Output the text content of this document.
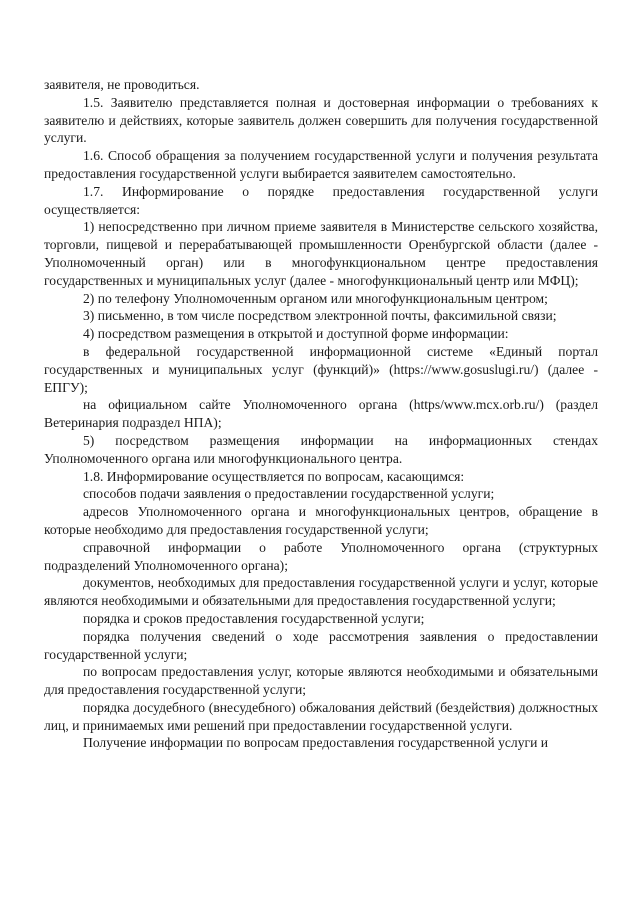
заявителя, не проводиться.

1.5. Заявителю представляется полная и достоверная информации о требованиях к заявителю и действиях, которые заявитель должен совершить для получения государственной услуги.

1.6. Способ обращения за получением государственной услуги и получения результата предоставления государственной услуги выбирается заявителем самостоятельно.

1.7. Информирование о порядке предоставления государственной услуги осуществляется:

1) непосредственно при личном приеме заявителя в Министерстве сельского хозяйства, торговли, пищевой и перерабатывающей промышленности Оренбургской области (далее - Уполномоченный орган) или в многофункциональном центре предоставления государственных и муниципальных услуг (далее - многофункциональный центр или МФЦ);

2) по телефону Уполномоченным органом или многофункциональным центром;

3) письменно, в том числе посредством электронной почты, факсимильной связи;

4) посредством размещения в открытой и доступной форме информации:

в федеральной государственной информационной системе «Единый портал государственных и муниципальных услуг (функций)» (https://www.gosuslugi.ru/) (далее - ЕПГУ);

на официальном сайте Уполномоченного органа (https/www.mcx.orb.ru/) (раздел Ветеринария подраздел НПА);

5) посредством размещения информации на информационных стендах Уполномоченного органа или многофункционального центра.

1.8. Информирование осуществляется по вопросам, касающимся:

способов подачи заявления о предоставлении государственной услуги;

адресов Уполномоченного органа и многофункциональных центров, обращение в которые необходимо для предоставления государственной услуги;

справочной информации о работе Уполномоченного органа (структурных подразделений Уполномоченного органа);

документов, необходимых для предоставления государственной услуги и услуг, которые являются необходимыми и обязательными для предоставления государственной услуги;

порядка и сроков предоставления государственной услуги;

порядка получения сведений о ходе рассмотрения заявления о предоставлении государственной услуги;

по вопросам предоставления услуг, которые являются необходимыми и обязательными для предоставления государственной услуги;

порядка досудебного (внесудебного) обжалования действий (бездействия) должностных лиц, и принимаемых ими решений при предоставлении государственной услуги.

Получение информации по вопросам предоставления государственной услуги и
